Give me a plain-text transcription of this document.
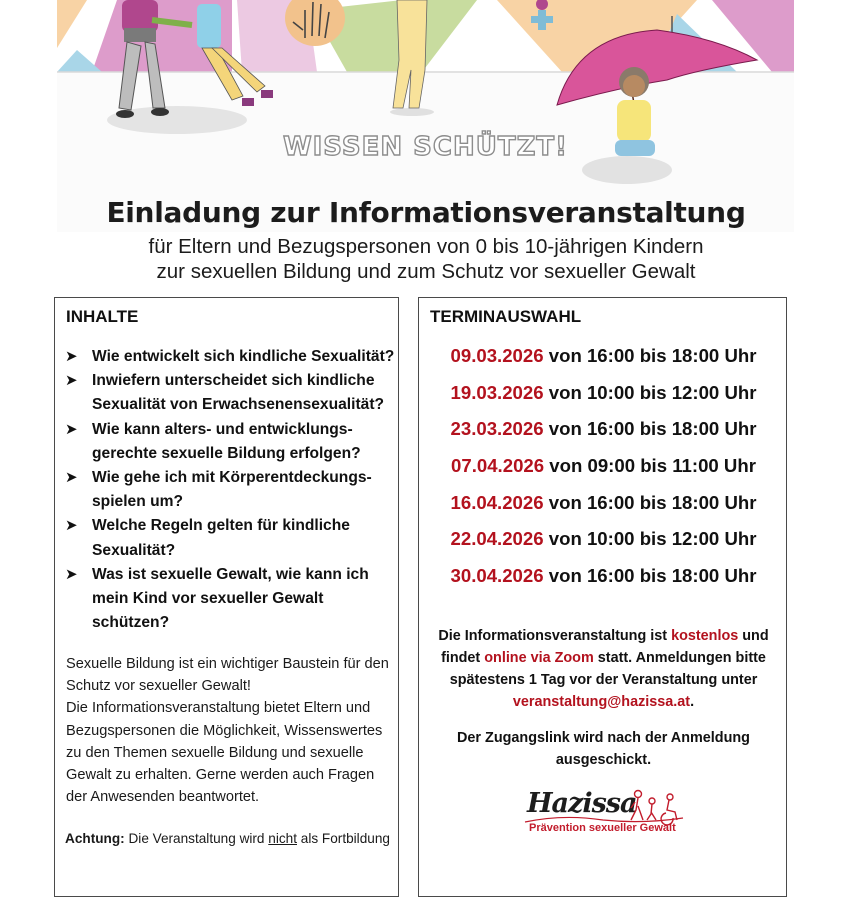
WISSEN SCHÜTZT!
Einladung zur Informationsveranstaltung
für Eltern und Bezugspersonen von 0 bis 10-jährigen Kindern
zur sexuellen Bildung und zum Schutz vor sexueller Gewalt
INHALTE
➤ Wie entwickelt sich kindliche Sexualität?
➤ Inwiefern unterscheidet sich kindliche
Sexualität von Erwachsenensexualität?
➤ Wie kann alters- und entwicklungs-
gerechte sexuelle Bildung erfolgen?
➤ Wie gehe ich mit Körperentdeckungs-
spielen um?
➤ Welche Regeln gelten für kindliche
Sexualität?
➤ Was ist sexuelle Gewalt, wie kann ich
mein Kind vor sexueller Gewalt
schützen?
Sexuelle Bildung ist ein wichtiger Baustein für den
Schutz vor sexueller Gewalt!
Die Informationsveranstaltung bietet Eltern und
Bezugspersonen die Möglichkeit, Wissenswertes
zu den Themen sexuelle Bildung und sexuelle
Gewalt zu erhalten. Gerne werden auch Fragen
der Anwesenden beantwortet.
Achtung: Die Veranstaltung wird nicht als Fortbildung
TERMINAUSWAHL
09.03.2026 von 16:00 bis 18:00 Uhr
19.03.2026 von 10:00 bis 12:00 Uhr
23.03.2026 von 16:00 bis 18:00 Uhr
07.04.2026 von 09:00 bis 11:00 Uhr
16.04.2026 von 16:00 bis 18:00 Uhr
22.04.2026 von 10:00 bis 12:00 Uhr
30.04.2026 von 16:00 bis 18:00 Uhr
Die Informationsveranstaltung ist kostenlos und
findet online via Zoom statt. Anmeldungen bitte
spätestens 1 Tag vor der Veranstaltung unter
veranstaltung@hazissa.at.
Der Zugangslink wird nach der Anmeldung
ausgeschickt.
Hazissa
Prävention sexueller Gewalt
